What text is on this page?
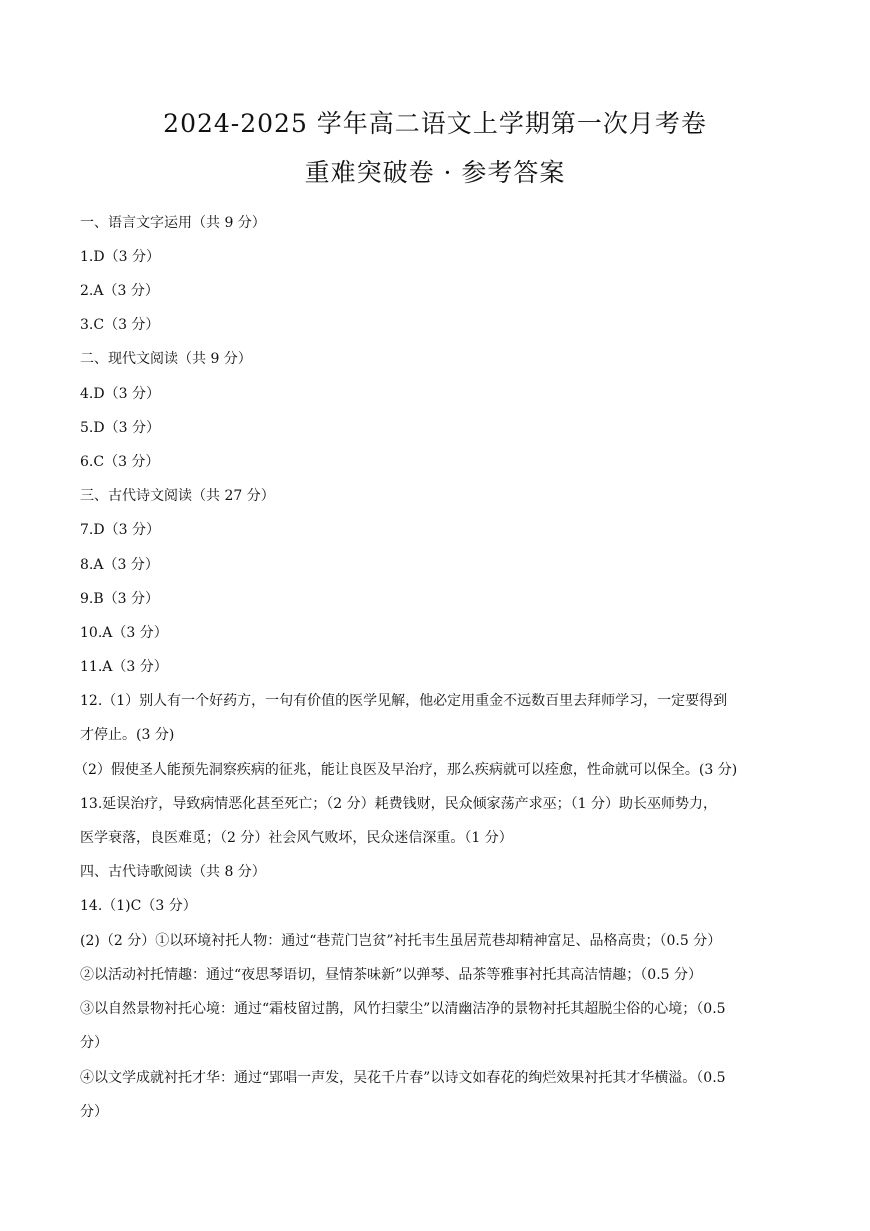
2024-2025 学年高二语文上学期第一次月考卷
重难突破卷 · 参考答案
一、语言文字运用（共 9 分）
1.D（3 分）
2.A（3 分）
3.C（3 分）
二、现代文阅读（共 9 分）
4.D（3 分）
5.D（3 分）
6.C（3 分）
三、古代诗文阅读（共 27 分）
7.D（3 分）
8.A（3 分）
9.B（3 分）
10.A（3 分）
11.A（3 分）
12.（1）别人有一个好药方，一句有价值的医学见解，他必定用重金不远数百里去拜师学习，一定要得到
才停止。(3 分)
（2）假使圣人能预先洞察疾病的征兆，能让良医及早治疗，那么疾病就可以痊愈，性命就可以保全。(3 分)
13.延误治疗，导致病情恶化甚至死亡；（2 分）耗费钱财，民众倾家荡产求巫；（1 分）助长巫师势力，
医学衰落，良医难觅；（2 分）社会风气败坏，民众迷信深重。（1 分）
四、古代诗歌阅读（共 8 分）
14.（1)C（3 分）
(2)（2 分）①以环境衬托人物：通过“巷荒门岂贫”衬托韦生虽居荒巷却精神富足、品格高贵；（0.5 分）
②以活动衬托情趣：通过“夜思琴语切，昼情茶味新”以弹琴、品茶等雅事衬托其高洁情趣；（0.5 分）
③以自然景物衬托心境：通过“霜枝留过鹊，风竹扫蒙尘”以清幽洁净的景物衬托其超脱尘俗的心境；（0.5
分）
④以文学成就衬托才华：通过“郢唱一声发，吴花千片春”以诗文如春花的绚烂效果衬托其才华横溢。（0.5
分）
